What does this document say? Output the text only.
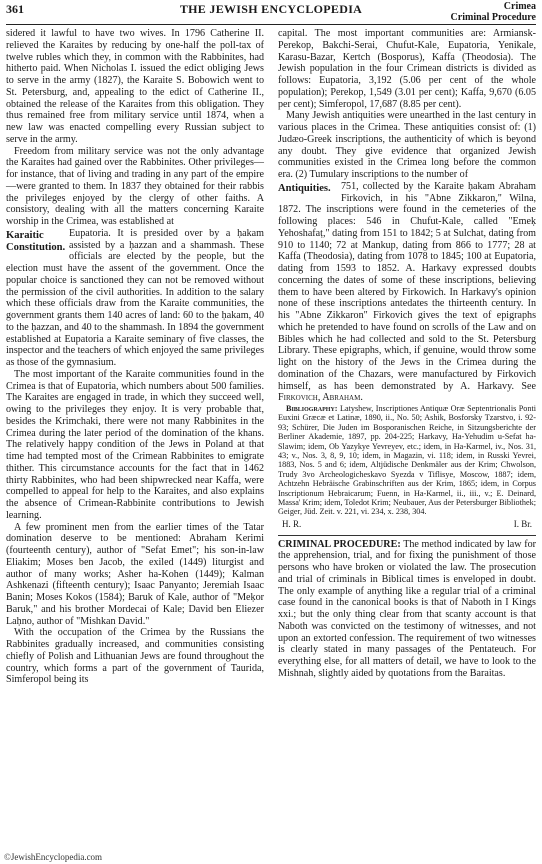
361	THE JEWISH ENCYCLOPEDIA	Crimea
Criminal Procedure

sidered it lawful to have two wives. In 1796 Catherine II. relieved the Karaites by reducing by one-half the poll-tax of twelve rubles which they, in common with the Rabbinites, had hitherto paid. When Nicholas I. issued the edict obliging Jews to serve in the army (1827), the Karaite S. Bobowich went to St. Petersburg, and, appealing to the edict of Catherine II., obtained the release of the Karaites from this obligation. They thus remained free from military service until 1874, when a new law was enacted compelling every Russian subject to serve in the army.

Freedom from military service was not the only advantage the Karaites had gained over the Rabbinites. Other privileges—for instance, that of living and trading in any part of the empire—were granted to them. In 1837 they obtained for their rabbis the privileges enjoyed by the clergy of other faiths. A consistory, dealing with all the matters concerning Karaite worship in the Crimea, was established at

Karaitic Constitution.
Eupatoria. It is presided over by a ḥakam assisted by a ḥazzan and a shammash. These officials are elected by the people, but the election must have the assent of the government. Once the popular choice is sanctioned they can not be removed without the permission of the civil authorities. In addition to the salary which these officials draw from the Karaite communities, the government grants them 140 acres of land: 60 to the ḥakam, 40 to the ḥazzan, and 40 to the shammash. In 1894 the government established at Eupatoria a Karaite seminary of five classes, the inspector and the teachers of which enjoyed the same privileges as those of the gymnasium.

The most important of the Karaite communities found in the Crimea is that of Eupatoria, which numbers about 500 families. The Karaites are engaged in trade, in which they succeed well, owing to the privileges they enjoy. It is very probable that, besides the Krimchaki, there were not many Rabbinites in the Crimea during the later period of the domination of the khans. The relatively happy condition of the Jews in Poland at that time had tempted most of the Crimean Rabbinites to emigrate thither. This circumstance accounts for the fact that in 1462 thirty Rabbinites, who had been shipwrecked near Kaffa, were compelled to appeal for help to the Karaites, and also explains the absence of Crimean-Rabbinite contributions to Jewish learning.

A few prominent men from the earlier times of the Tatar domination deserve to be mentioned: Abraham Kerimi (fourteenth century), author of "Sefat Emet"; his son-in-law Eliakim; Moses ben Jacob, the exiled (1449) liturgist and author of many works; Asher ha-Kohen (1449); Kalman Ashkenazi (fifteenth century); Isaac Panyanto; Jeremiah Isaac Banin; Moses Kokos (1584); Baruk of Kale, author of "Meḳor Baruk," and his brother Mordecai of Kale; David ben Eliezer Laḥno, author of "Mishkan David."

With the occupation of the Crimea by the Russians the Rabbinites gradually increased, and communities consisting chiefly of Polish and Lithuanian Jews are found throughout the country, which forms a part of the government of Taurida, Simferopol being its

capital. The most important communities are: Armiansk-Perekop, Bakchi-Serai, Chufut-Kale, Eupatoria, Yenikale, Karasu-Bazar, Kertch (Bosporus), Kaffa (Theodosia). The Jewish population in the four Crimean districts is divided as follows: Eupatoria, 3,192 (5.06 per cent of the whole population); Perekop, 1,549 (3.01 per cent); Kaffa, 9,670 (6.05 per cent); Simferopol, 17,687 (8.85 per cent).

Many Jewish antiquities were unearthed in the last century in various places in the Crimea. These antiquities consist of: (1) Judæo-Greek inscriptions, the authenticity of which is beyond any doubt. They give evidence that organized Jewish communities existed in the Crimea long before the common era. (2) Tumulary inscriptions to the number of

Antiquities.	751, collected by the Karaite ḥakam Abraham Firkovich, in his "Abne Zikkaron," Wilna, 1872. The inscriptions were found in the cemeteries of the following places: 546 in Chufut-Kale, called "Emeḳ Yehoshafaṭ," dating from 151 to 1842; 5 at Sulchat, dating from 910 to 1140; 72 at Mankup, dating from 866 to 1777; 28 at Kaffa (Theodosia), dating from 1078 to 1845; 100 at Eupatoria, dating from 1593 to 1852. A. Harkavy expressed doubts concerning the dates of some of these inscriptions, believing them to have been altered by Firkowich. In Harkavy's opinion none of these inscriptions antedates the thirteenth century. In his "Abne Zikkaron" Firkovich gives the text of epigraphs which he pretended to have found on scrolls of the Law and on Bibles which he had collected and sold to the St. Petersburg Library. These epigraphs, which, if genuine, would throw some light on the history of the Jews in the Crimea during the domination of the Chazars, were manufactured by Firkovich himself, as has been demonstrated by A. Harkavy. See Firkovich, Abraham.

Bibliography: Latyshew, Inscriptiones Antiquæ Oræ Septentrionalis Ponti Euxini Græcæ et Latinæ, 1890, ii., No. 50; Ashik, Bosforsky Tzarstvo, i. 92-93; Schürer, Die Juden im Bosporanischen Reiche, in Sitzungsberichte der Berliner Akademie, 1897, pp. 204-225; Harkavy, Ha-Yehudim u-Sefat ha-Slawim; idem, Ob Yazykye Yevreyev, etc.; idem, in Ha-Karmel, iv., Nos. 31, 43; v., Nos. 3, 8, 9, 10; idem, in Magazin, vi. 118; idem, in Russki Yevrei, 1883, Nos. 5 and 6; idem, Altjüdische Denkmäler aus der Krim; Chwolson, Trudy 3vo Archeologicheskavo Syezda v Tiflisye, Moscow, 1887; idem, Achtzehn Hebräische Grabinschriften aus der Krim, 1865; idem, in Corpus Inscriptionum Hebraicarum; Fuenn, in Ha-Karmel, ii., iii., v.; E. Deinard, Massa' Krim; idem, Toledot Krim; Neubauer, Aus der Petersburger Bibliothek; Geiger, Jüd. Zeit. v. 221, vi. 234, x. 238, 304.

H. R.	I. Br.

CRIMINAL PROCEDURE: The method indicated by law for the apprehension, trial, and for fixing the punishment of those persons who have broken or violated the law. The prosecution and trial of criminals in Biblical times is enveloped in doubt. The only example of anything like a regular trial of a criminal case found in the canonical books is that of Naboth in I Kings xxi.; but the only thing clear from that scanty account is that Naboth was convicted on the testimony of witnesses, and not upon an extorted confession. The requirement of two witnesses is clearly stated in many passages of the Pentateuch. For everything else, for all matters of detail, we have to look to the Mishnah, slightly aided by quotations from the Baraitas.

©JewishEncyclopedia.com
